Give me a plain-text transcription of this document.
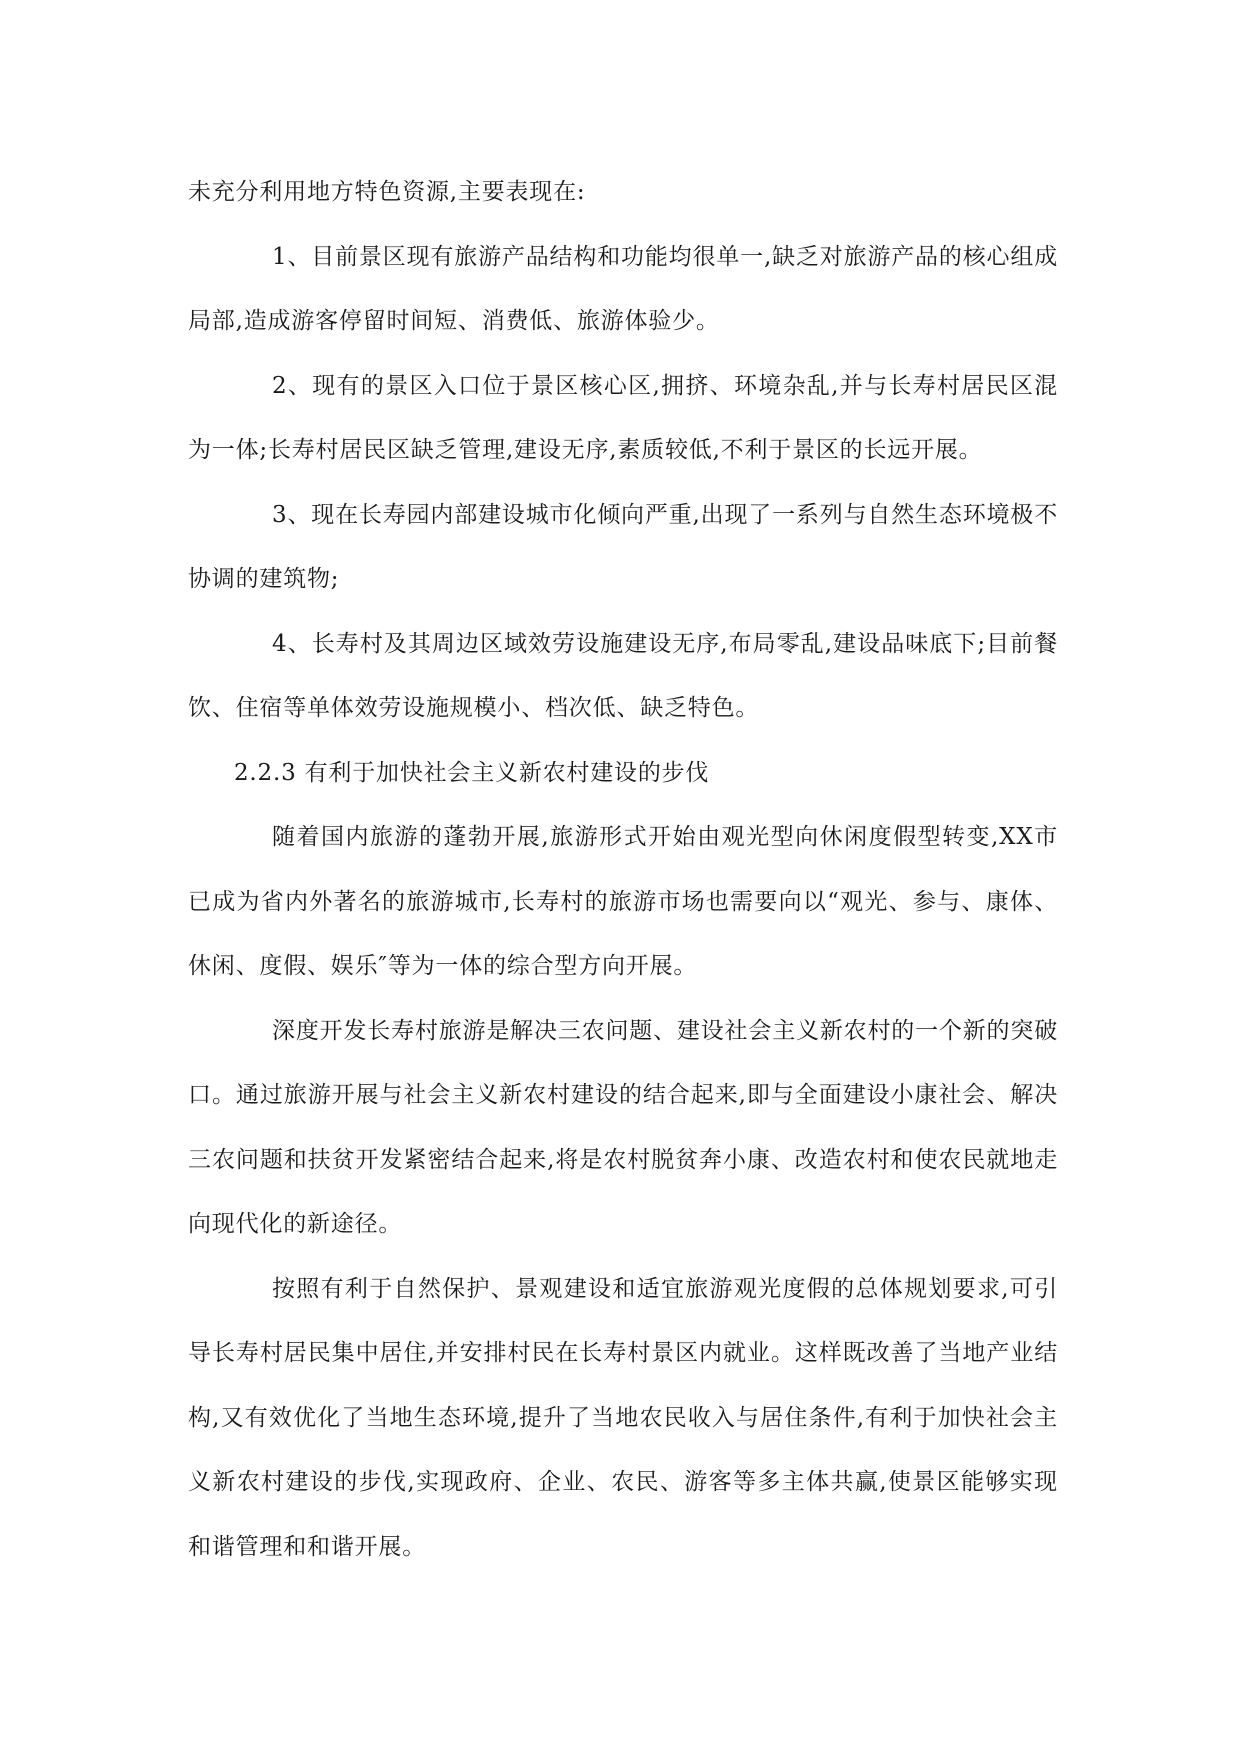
未充分利用地方特色资源,主要表现在:

1、目前景区现有旅游产品结构和功能均很单一,缺乏对旅游产品的核心组成局部,造成游客停留时间短、消费低、旅游体验少。

2、现有的景区入口位于景区核心区,拥挤、环境杂乱,并与长寿村居民区混为一体;长寿村居民区缺乏管理,建设无序,素质较低,不利于景区的长远开展。

3、现在长寿园内部建设城市化倾向严重,出现了一系列与自然生态环境极不协调的建筑物;

4、长寿村及其周边区域效劳设施建设无序,布局零乱,建设品味底下;目前餐饮、住宿等单体效劳设施规模小、档次低、缺乏特色。

2.2.3 有利于加快社会主义新农村建设的步伐

随着国内旅游的蓬勃开展,旅游形式开始由观光型向休闲度假型转变,XX市已成为省内外著名的旅游城市,长寿村的旅游市场也需要向以“观光、参与、康体、休闲、度假、娱乐″等为一体的综合型方向开展。

深度开发长寿村旅游是解决三农问题、建设社会主义新农村的一个新的突破口。通过旅游开展与社会主义新农村建设的结合起来,即与全面建设小康社会、解决三农问题和扶贫开发紧密结合起来,将是农村脱贫奔小康、改造农村和使农民就地走向现代化的新途径。

按照有利于自然保护、景观建设和适宜旅游观光度假的总体规划要求,可引导长寿村居民集中居住,并安排村民在长寿村景区内就业。这样既改善了当地产业结构,又有效优化了当地生态环境,提升了当地农民收入与居住条件,有利于加快社会主义新农村建设的步伐,实现政府、企业、农民、游客等多主体共赢,使景区能够实现和谐管理和和谐开展。
